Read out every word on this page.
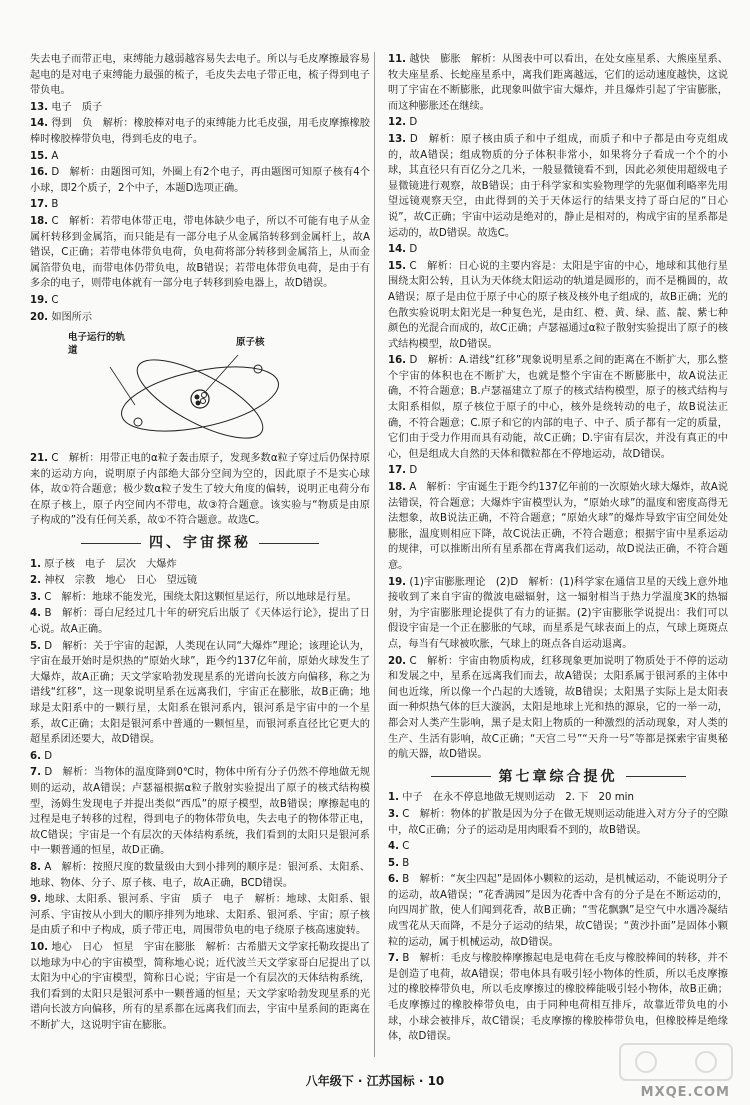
失去电子而带正电，束缚能力越弱越容易失去电子。所以与毛皮摩擦最容易起电的是对电子束缚能力最强的梳子，毛皮失去电子带正电，梳子得到电子带负电。
13. 电子　质子
14. 得到　负　解析：橡胶棒对电子的束缚能力比毛皮强，用毛皮摩擦橡胶棒时橡胶棒带负电，得到毛皮的电子。
15. A
16. D　解析：由题图可知，外圈上有2个电子，再由题图可知原子核有4个小球，即2个质子，2个中子，本题D选项正确。
17. B
18. C　解析：若带电体带正电，带电体缺少电子，所以不可能有电子从金属杆转移到金属箔，而只能是有一部分电子从金属箔转移到金属杆上，故A错误，C正确；若带电体带负电荷，负电荷将部分转移到金属箔上，从而金属箔带负电，而带电体仍带负电，故B错误；若带电体带负电荷，是由于有多余的电子，则带电体就有一部分电子转移到验电器上，故D错误。
19. C
20. 如图所示
电子运行的轨道
原子核
21. C　解析：用带正电的α粒子轰击原子，发现多数α粒子穿过后仍保持原来的运动方向，说明原子内部绝大部分空间为空的，因此原子不是实心球体，故①符合题意；极少数α粒子发生了较大角度的偏转，说明正电荷分布在原子核上，原子内空间内不带电，故③符合题意。该实验与“物质是由原子构成的”没有任何关系，故①不符合题意。故选C。
四、宇宙探秘
1. 原子核　电子　层次　大爆炸
2. 神权　宗教　地心　日心　望远镜
3. C　解析：地球不能发光，围绕太阳这颗恒星运行，所以地球是行星。
4. B　解析：哥白尼经过几十年的研究后出版了《天体运行论》，提出了日心说。故A正确。
5. D　解析：关于宇宙的起源，人类现在认同“大爆炸”理论；该理论认为，宇宙在最开始时是炽热的“原始火球”，距今约137亿年前，原始火球发生了大爆炸，故A正确；天文学家哈勃发现星系的光谱向长波方向偏移，称之为谱线“红移”，这一现象说明星系在远离我们，宇宙正在膨胀，故B正确；地球是太阳系中的一颗行星，太阳系在银河系内，银河系是宇宙中的一个星系，故C正确；太阳是银河系中普通的一颗恒星，而银河系直径比它更大的超星系团还要大，故D错误。
6. D
7. D　解析：当物体的温度降到0℃时，物体中所有分子仍然不停地做无规则的运动，故A错误；卢瑟福根据α粒子散射实验提出了原子的核式结构模型，汤姆生发现电子并提出类似“西瓜”的原子模型，故B错误；摩擦起电的过程是电子转移的过程，得到电子的物体带负电，失去电子的物体带正电，故C错误；宇宙是一个有层次的天体结构系统，我们看到的太阳只是银河系中一颗普通的恒星，故D正确。
8. A　解析：按照尺度的数量级由大到小排列的顺序是：银河系、太阳系、地球、物体、分子、原子核、电子，故A正确，BCD错误。
9. 地球、太阳系、银河系、宇宙　质子　电子　解析：地球、太阳系、银河系、宇宙按从小到大的顺序排列为地球、太阳系、银河系、宇宙；原子核是由质子和中子构成，质子带正电，周围带负电的电子绕原子核高速旋转。
10. 地心　日心　恒星　宇宙在膨胀　解析：古希腊天文学家托勒玫提出了以地球为中心的宇宙模型，简称地心说；近代波兰天文学家哥白尼提出了以太阳为中心的宇宙模型，简称日心说；宇宙是一个有层次的天体结构系统，我们看到的太阳只是银河系中一颗普通的恒星；天文学家哈勃发现星系的光谱向长波方向偏移，所有的星系都在远离我们而去，宇宙中星系间的距离在不断扩大，这说明宇宙在膨胀。
11. 越快　膨胀　解析：从图表中可以看出，在处女座星系、大熊座星系、牧夫座星系、长蛇座星系中，离我们距离越远，它们的运动速度越快，这说明了宇宙在不断膨胀，此现象叫做宇宙大爆炸，并且爆炸引起了宇宙膨胀，而这种膨胀还在继续。
12. D
13. D　解析：原子核由质子和中子组成，而质子和中子都是由夸克组成的，故A错误；组成物质的分子体积非常小，如果将分子看成一个个的小球，其直径只有百亿分之几米，一般显微镜看不到，因此必须使用超级电子显微镜进行观察，故B错误；由于科学家和实验物理学的先驱伽利略率先用望远镜观察天空，由此得到的关于天体运行的结果支持了哥白尼的“日心说”，故C正确；宇宙中运动是绝对的，静止是相对的，构成宇宙的星系都是运动的，故D错误。故选C。
14. D
15. C　解析：日心说的主要内容是：太阳是宇宙的中心，地球和其他行星围绕太阳公转，且认为天体绕太阳运动的轨道是圆形的，而不是椭圆的，故A错误；原子是由位于原子中心的原子核及核外电子组成的，故B正确；光的色散实验说明太阳光是一种复色光，是由红、橙、黄、绿、蓝、靛、紫七种颜色的光混合而成的，故C正确；卢瑟福通过α粒子散射实验提出了原子的核式结构模型，故D错误。
16. D　解析：A.谱线“红移”现象说明星系之间的距离在不断扩大，那么整个宇宙的体积也在不断扩大，也就是整个宇宙在不断膨胀中，故A说法正确，不符合题意；B.卢瑟福建立了原子的核式结构模型，原子的核式结构与太阳系相似，原子核位于原子的中心，核外是绕转动的电子，故B说法正确，不符合题意；C.原子和它的内部的电子、中子、质子都有一定的质量，它们由于受力作用而具有动能，故C正确；D.宇宙有层次，并没有真正的中心，但是组成大自然的天体和微粒都在不停地运动，故D错误。
17. D
18. A　解析：宇宙诞生于距今约137亿年前的一次原始火球大爆炸，故A说法错误，符合题意；大爆炸宇宙模型认为，“原始火球”的温度和密度高得无法想象，故B说法正确，不符合题意；“原始火球”的爆炸导致宇宙空间处处膨胀，温度则相应下降，故C说法正确，不符合题意；根据宇宙中星系运动的规律，可以推断出所有星系都在背离我们运动，故D说法正确，不符合题意。
19. (1)宇宙膨胀理论　(2)D　解析：(1)科学家在通信卫星的天线上意外地接收到了来自宇宙的微波电磁辐射，这一辐射相当于热力学温度3K的热辐射，为宇宙膨胀理论提供了有力的证据。(2)宇宙膨胀学说提出：我们可以假设宇宙是一个正在膨胀的气球，而星系是气球表面上的点，气球上斑斑点点，每当有气球被吹胀，气球上的斑点各自运动退离。
20. C　解析：宇宙由物质构成，红移现象更加说明了物质处于不停的运动和发展之中，星系在远离我们而去，故A错误；太阳系属于银河系的主体中间也近缘，所以像一个凸起的大透镜，故B错误；太阳黑子实际上是太阳表面一种炽热气体的巨大漩涡，太阳是地球上光和热的源泉，它的一举一动，都会对人类产生影响，黑子是太阳上物质的一种激烈的活动现象，对人类的生产、生活有影响，故C正确；“天宫二号”“天舟一号”等都是探索宇宙奥秘的航天器，故D错误。
第七章综合提优
1. 中子　在永不停息地做无规则运动　2. 下　20 min
3. C　解析：物体的扩散是因为分子在做无规则运动能进入对方分子的空隙中，故C正确；分子的运动是用肉眼看不到的，故B错误。
4. C
5. B
6. B　解析：“灰尘四起”是固体小颗粒的运动，是机械运动，不能说明分子的运动，故A错误；“花香满园”是因为花香中含有的分子是在不断运动的，向四周扩散，使人们闻到花香，故B正确；“雪花飘飘”是空气中水遇冷凝结成雪花从天而降，不是分子运动的结果，故C错误；“黄沙扑面”是固体小颗粒的运动，属于机械运动，故D错误。
7. B　解析：毛皮与橡胶棒摩擦起电是电荷在毛皮与橡胶棒间的转移，并不是创造了电荷，故A错误；带电体具有吸引轻小物体的性质，所以毛皮摩擦过的橡胶棒带负电，所以毛皮摩擦过的橡胶棒能吸引轻小物体，故B正确；毛皮摩擦过的橡胶棒带负电，由于同种电荷相互排斥，故靠近带负电的小球，小球会被排斥，故C错误；毛皮摩擦的橡胶棒带负电，但橡胶棒是绝缘体，故D错误。
八年级下 · 江苏国标 · 10
MXQE.COM
